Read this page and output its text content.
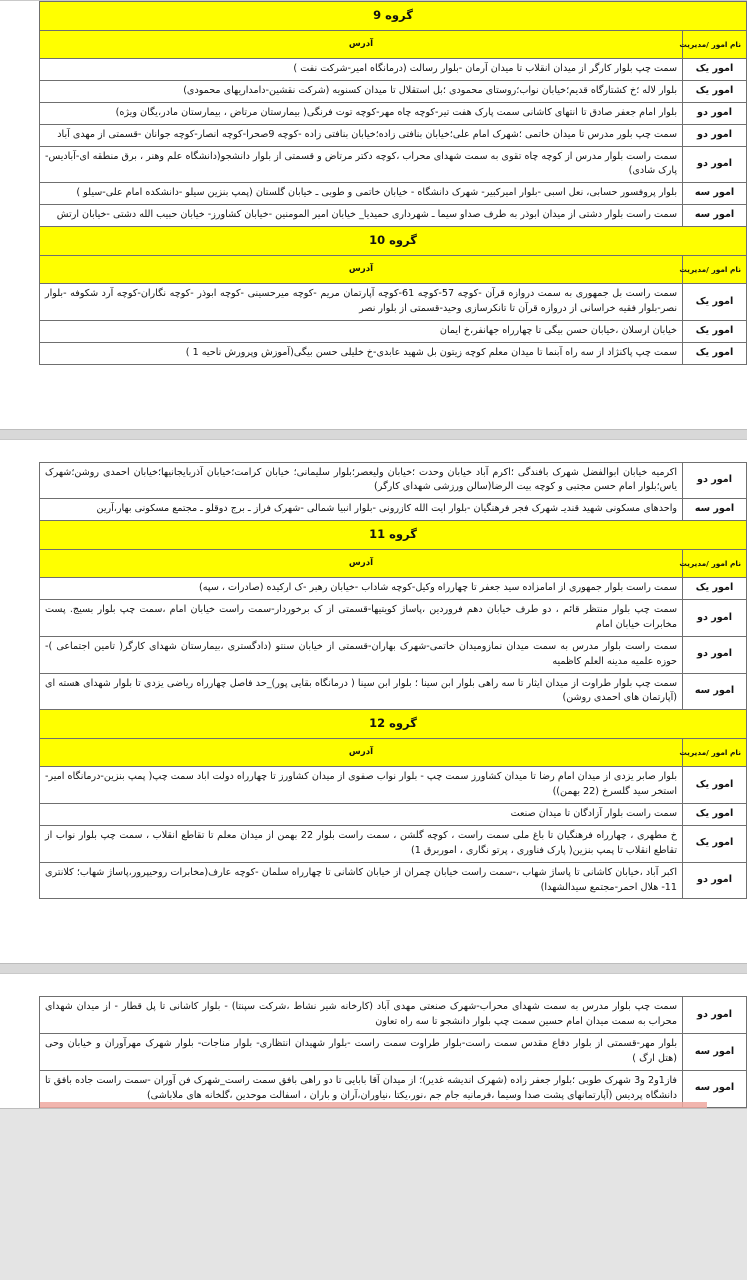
گروه 9	
نام امور /مدیریت	آدرس
امور یک	سمت چپ بلوار کارگر از میدان انقلاب تا میدان آرمان -بلوار رسالت (درمانگاه امیر-شرکت نفت )
امور یک	بلوار لاله ؛خ کشتارگاه قدیم؛خیابان نواب؛روستای محمودی ؛بل استقلال تا میدان کسنویه (شرکت نقشین-دامداریهای محمودی)
امور دو	بلوار امام جعفر صادق تا انتهای کاشانی سمت پارک هفت تیر-کوچه چاه مهر-کوچه توت فرنگی( بیمارستان مرتاض ، بیمارستان مادر،یگان ویژه)
امور دو	سمت چپ بلور مدرس تا میدان خاتمی ؛شهرک امام علی؛خیابان بنافتی زاده؛خیابان بنافتی زاده -کوچه 9صحرا-کوچه انصار-کوچه جوانان -قسمتی از مهدی آباد
امور دو	سمت راست بلوار مدرس از کوچه چاه تقوی به سمت شهدای محراب ،کوچه دکتر مرتاض و قسمتی از بلوار دانشجو(دانشگاه علم وهنر ، برق منطقه ای-آبادیس-پارک شادی)
امور سه	بلوار پروفسور حسابی، نعل اسبی -بلوار امیرکبیر- شهرک دانشگاه - خیابان خاتمی و طوبی ـ خیابان گلستان (پمپ بنزین سیلو -دانشکده امام علی-سیلو )
امور سه	سمت راست بلوار دشتی از میدان ابوذر به طرف صداو سیما ـ شهرداری حمیدیا_ خیابان امیر المومنین -خیابان کشاورز- خیابان حبیب الله دشتی -خیابان ارتش
گروه 10	
نام امور /مدیریت	آدرس
امور یک	سمت راست بل جمهوری به سمت دروازه قرآن -کوچه 57-کوچه 61-کوچه آپارتمان مریم -کوچه میرحسینی -کوچه ابوذر -کوچه نگاران-کوچه آرد شکوفه -بلوار نصر-بلوار فقیه خراسانی از دروازه قرآن تا تانکرسازی وحید-قسمتی از بلوار نصر
امور یک	خیابان ارسلان ،خیابان حسن بیگی تا چهارراه جهانفر،خ ایمان
امور یک	سمت چپ پاکنژاد از سه راه آبنما تا میدان معلم کوچه زیتون بل شهید عابدی-خ خلیلی حسن بیگی(آموزش وپرورش ناحیه 1 )
امور دو	اکرمیه خیابان ابوالفضل شهرک بافندگی ؛اکرم آباد خیابان وحدت ؛خیابان ولیعصر؛بلوار سلیمانی؛ خیابان کرامت؛خیابان آذربایجانیها؛خیابان احمدی روشن؛شهرک یاس؛بلوار امام حسن مجتبی و کوچه بیت الرضا(سالن ورزشی شهدای کارگر)
امور سه	واحدهای مسکونی شهید قندیـ شهرک فجر فرهنگیان -بلوار ایت الله کازرونی -بلوار انبیا شمالی -شهرک فراز ـ برج دوقلو ـ مجتمع مسکونی بهار،آرین
گروه 11	
نام امور /مدیریت	آدرس
امور یک	سمت راست بلوار جمهوری از امامزاده سید جعفر تا چهارراه وکیل-کوچه شاداب -خیابان رهبر -ک ارکیده (صادرات ، سپه)
امور دو	سمت چپ بلوار منتظر قائم ، دو طرف خیابان دهم فروردین ،پاساژ کویتیها-قسمتی از ک برخوردار-سمت راست خیابان امام ،سمت چپ بلوار بسیج. پست مخابرات خیابان امام
امور دو	سمت راست بلوار مدرس به سمت میدان نمازومیدان خاتمی-شهرک بهاران-قسمتی از خیابان سنتو (دادگستری ،بیمارستان شهدای کارگر( تامین اجتماعی )-حوزه علمیه مدینه العلم کاظمیه
امور سه	سمت چپ بلوار طراوت از میدان ایثار تا سه راهی بلوار ابن سینا ؛ بلوار ابن سینا ( درمانگاه بقایی پور)_حد فاصل چهارراه ریاضی یزدی تا بلوار شهدای هسته ای (آپارتمان های احمدی روشن)
گروه 12	
نام امور /مدیریت	آدرس
امور یک	بلوار صابر یزدی از میدان امام رضا تا میدان کشاورز سمت چپ - بلوار نواب صفوی از میدان کشاورز تا چهارراه دولت اباد سمت چپ( پمپ بنزین-درمانگاه امیر-استخر سید گلسرخ (22 بهمن))
امور یک	سمت راست بلوار آزادگان تا میدان صنعت
امور یک	خ مطهری ، چهارراه فرهنگیان تا باغ ملی سمت راست ، کوچه گلشن ، سمت راست بلوار 22 بهمن از میدان معلم تا تقاطع انقلاب ، سمت چپ بلوار نواب از تقاطع انقلاب تا پمپ بنزین( پارک فناوری ، پرتو نگاری ، اموربرق 1)
امور دو	اکبر آباد ،خیابان کاشانی تا پاساژ شهاب ،-سمت راست خیابان چمران از خیابان کاشانی تا چهارراه سلمان -کوچه عارف(مخابرات روحیپرور،پاساژ شهاب؛ کلانتری 11- هلال احمر-مجتمع سیدالشهدا)
امور دو	سمت چپ بلوار مدرس به سمت شهدای محراب-شهرک صنعتی مهدی آباد (کارخانه شیر نشاط ،شرکت سپنتا) - بلوار کاشانی تا پل قطار - از میدان شهدای محراب به سمت میدان امام حسین سمت چپ بلوار دانشجو تا سه راه تعاون
امور سه	بلوار مهر-قسمتی از بلوار دفاع مقدس سمت راست-بلوار طراوت سمت راست -بلوار شهیدان انتظاری- بلوار مناجات- بلوار شهرک مهرآوران و خیابان وحی (هتل ارگ )
امور سه	فاز1و2 و3 شهرک طوبی ؛بلوار جعفر زاده (شهرک اندیشه غدیر)؛ از میدان آقا بابایی تا دو راهی بافق سمت راست_شهرک فن آوران -سمت راست جاده بافق تا دانشگاه پردیس (آپارتمانهای پشت صدا وسیما ،فرمانیه جام جم ،نور،یکتا ،نیاوران،آران و باران ، اسفالت موحدین ،گلخانه های ملاباشی)
